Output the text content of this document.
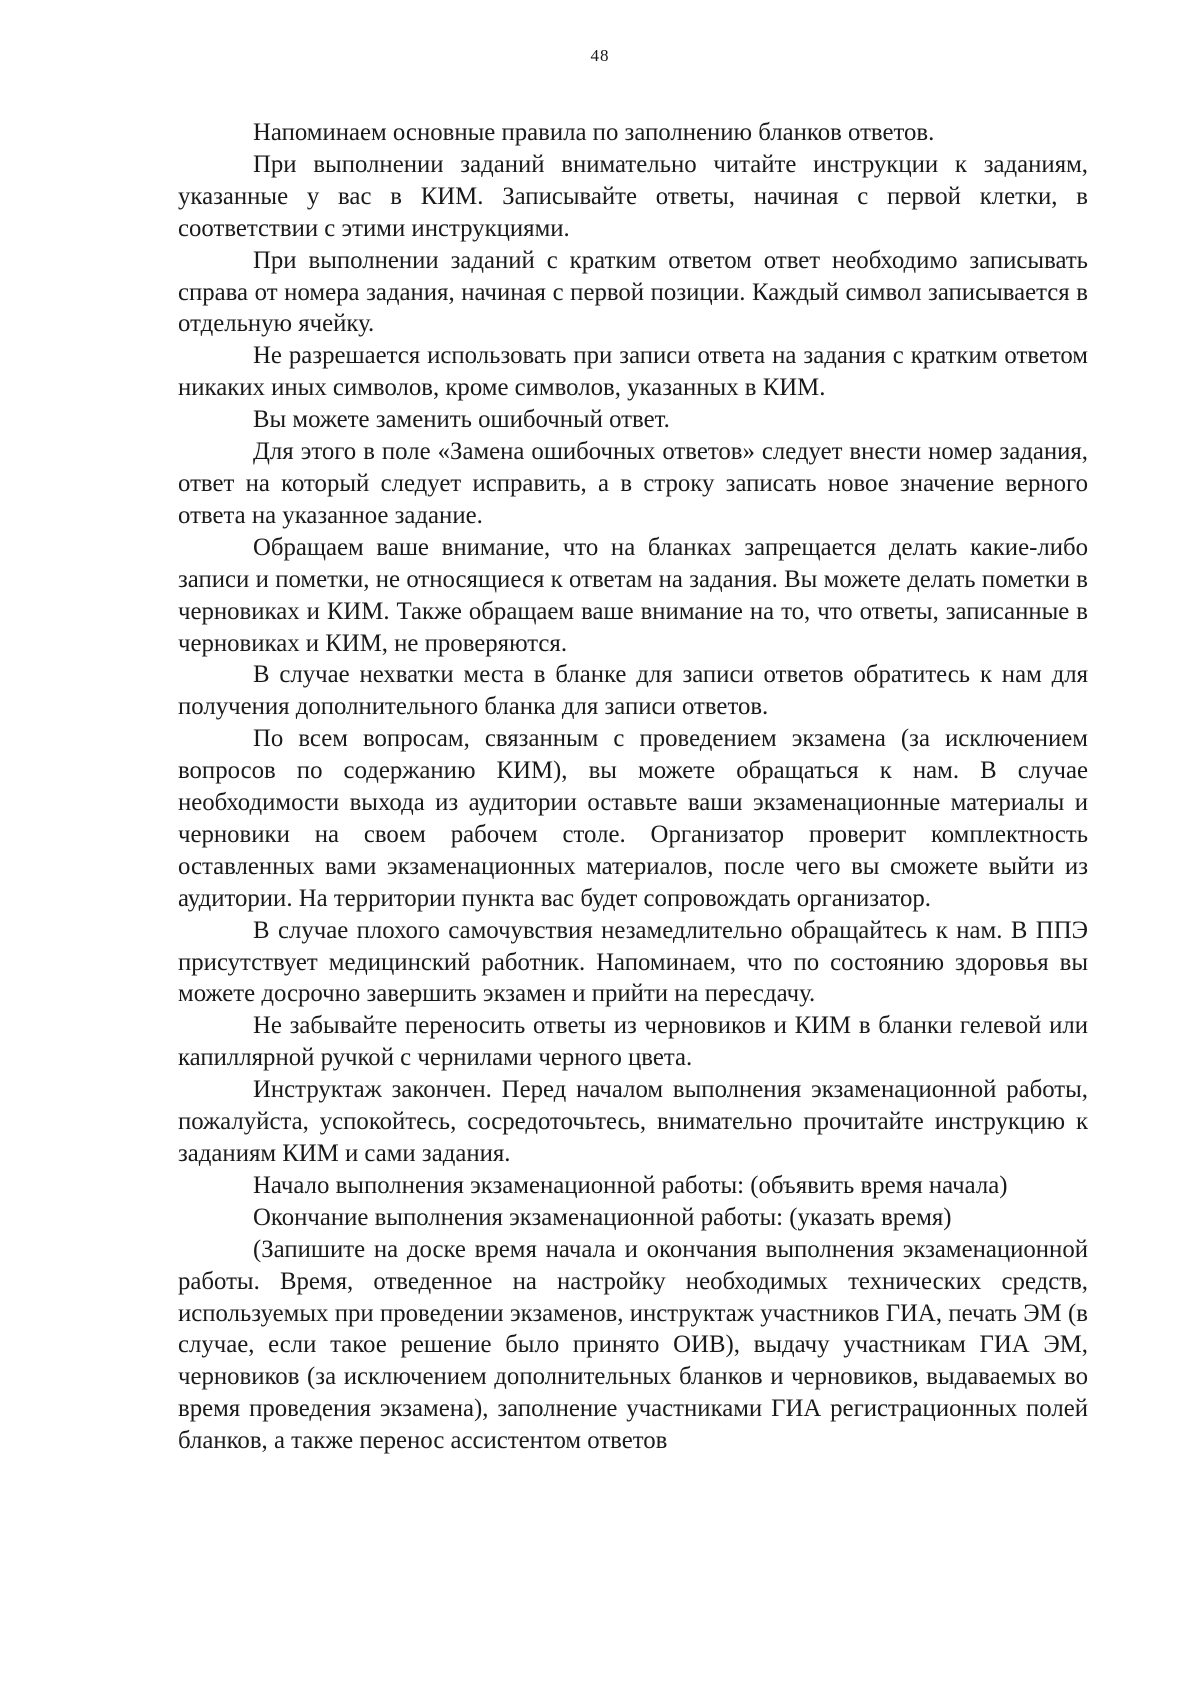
48

Напоминаем основные правила по заполнению бланков ответов.

При выполнении заданий внимательно читайте инструкции к заданиям, указанные у вас в КИМ. Записывайте ответы, начиная с первой клетки, в соответствии с этими инструкциями.

При выполнении заданий с кратким ответом ответ необходимо записывать справа от номера задания, начиная с первой позиции. Каждый символ записывается в отдельную ячейку.

Не разрешается использовать при записи ответа на задания с кратким ответом никаких иных символов, кроме символов, указанных в КИМ.

Вы можете заменить ошибочный ответ.

Для этого в поле «Замена ошибочных ответов» следует внести номер задания, ответ на который следует исправить, а в строку записать новое значение верного ответа на указанное задание.

Обращаем ваше внимание, что на бланках запрещается делать какие-либо записи и пометки, не относящиеся к ответам на задания. Вы можете делать пометки в черновиках и КИМ. Также обращаем ваше внимание на то, что ответы, записанные в черновиках и КИМ, не проверяются.

В случае нехватки места в бланке для записи ответов обратитесь к нам для получения дополнительного бланка для записи ответов.

По всем вопросам, связанным с проведением экзамена (за исключением вопросов по содержанию КИМ), вы можете обращаться к нам. В случае необходимости выхода из аудитории оставьте ваши экзаменационные материалы и черновики на своем рабочем столе. Организатор проверит комплектность оставленных вами экзаменационных материалов, после чего вы сможете выйти из аудитории. На территории пункта вас будет сопровождать организатор.

В случае плохого самочувствия незамедлительно обращайтесь к нам. В ППЭ присутствует медицинский работник. Напоминаем, что по состоянию здоровья вы можете досрочно завершить экзамен и прийти на пересдачу.

Не забывайте переносить ответы из черновиков и КИМ в бланки гелевой или капиллярной ручкой с чернилами черного цвета.

Инструктаж закончен. Перед началом выполнения экзаменационной работы, пожалуйста, успокойтесь, сосредоточьтесь, внимательно прочитайте инструкцию к заданиям КИМ и сами задания.

Начало выполнения экзаменационной работы: (объявить время начала)

Окончание выполнения экзаменационной работы: (указать время)

(Запишите на доске время начала и окончания выполнения экзаменационной работы. Время, отведенное на настройку необходимых технических средств, используемых при проведении экзаменов, инструктаж участников ГИА, печать ЭМ (в случае, если такое решение было принято ОИВ), выдачу участникам ГИА ЭМ, черновиков (за исключением дополнительных бланков и черновиков, выдаваемых во время проведения экзамена), заполнение участниками ГИА регистрационных полей бланков, а также перенос ассистентом ответов
